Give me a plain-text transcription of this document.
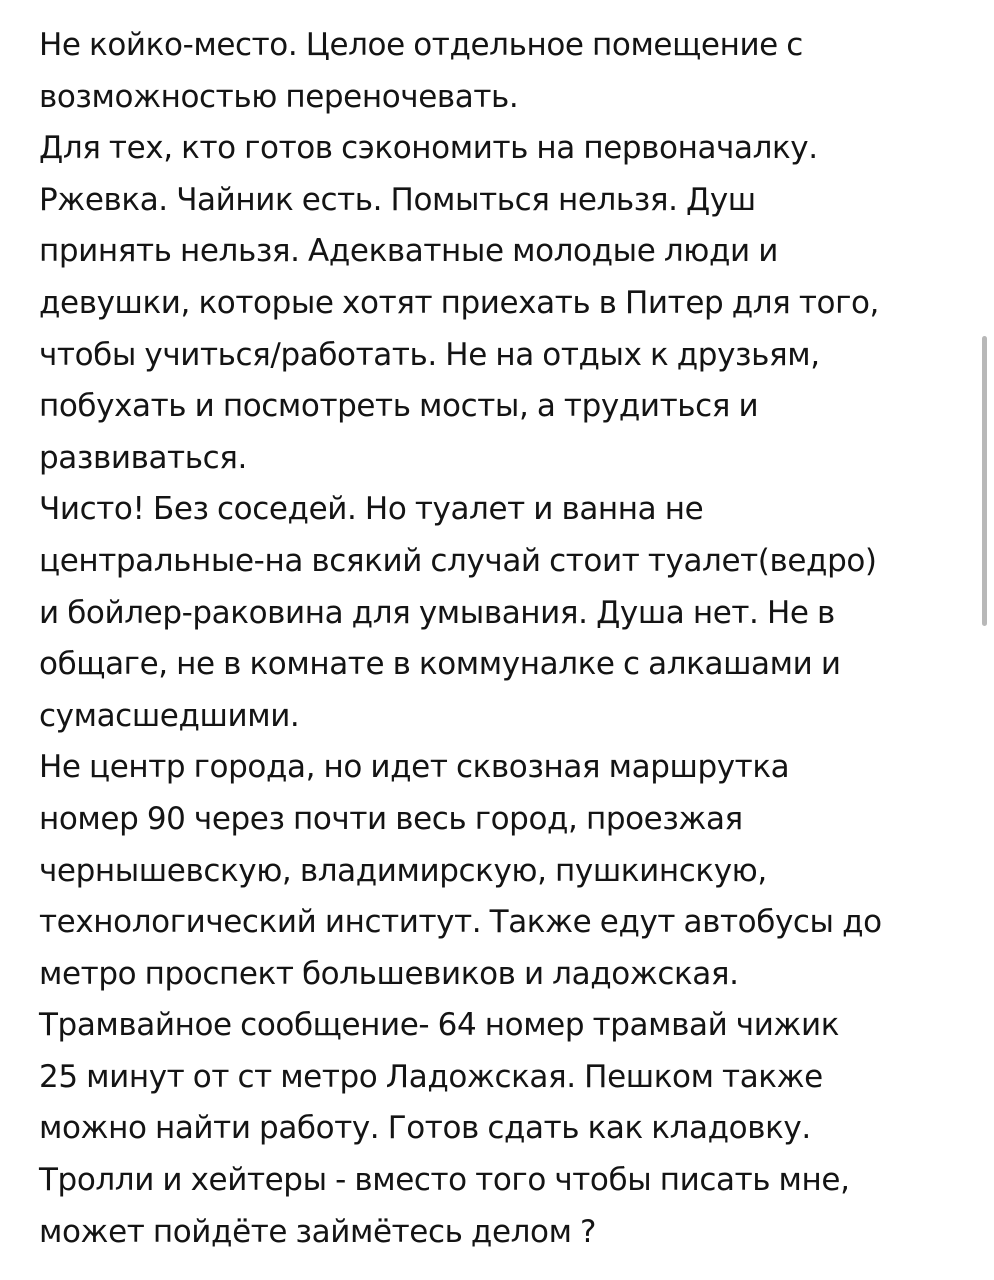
Не койко-место. Целое отдельное помещение с
возможностью переночевать.
Для тех, кто готов сэкономить на первоначалку.
Ржевка. Чайник есть. Помыться нельзя. Душ
принять нельзя. Адекватные молодые люди и
девушки, которые хотят приехать в Питер для того,
чтобы учиться/работать. Не на отдых к друзьям,
побухать и посмотреть мосты, а трудиться и
развиваться.
Чисто! Без соседей. Но туалет и ванна не
центральные-на всякий случай стоит туалет(ведро)
и бойлер-раковина для умывания. Душа нет. Не в
общаге, не в комнате в коммуналке с алкашами и
сумасшедшими.
Не центр города, но идет сквозная маршрутка
номер 90 через почти весь город, проезжая
чернышевскую, владимирскую, пушкинскую,
технологический институт. Также едут автобусы до
метро проспект большевиков и ладожская.
Трамвайное сообщение- 64 номер трамвай чижик
25 минут от ст метро Ладожская. Пешком также
можно найти работу. Готов сдать как кладовку.
Тролли и хейтеры - вместо того чтобы писать мне,
может пойдёте займётесь делом ?
